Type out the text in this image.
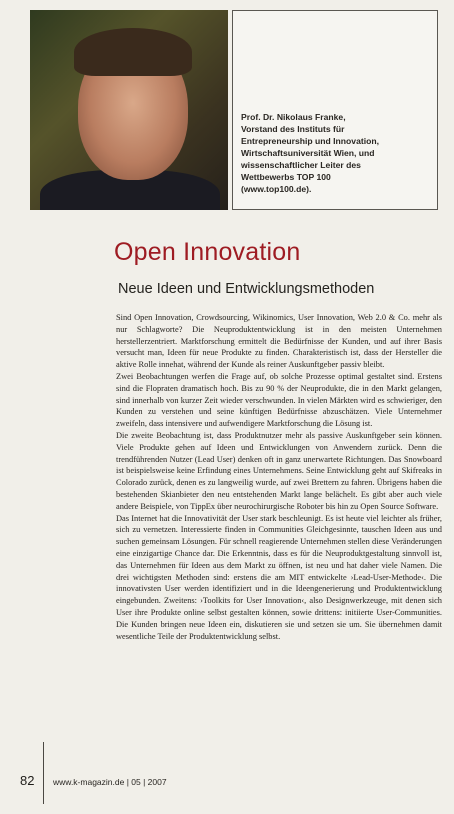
Prof. Dr. Nikolaus Franke,
Vorstand des Instituts für
Entrepreneurship und Innovation,
Wirtschaftsuniversität Wien, und
wissenschaftlicher Leiter des
Wettbewerbs TOP 100
(www.top100.de).
Open Innovation
Neue Ideen und Entwicklungsmethoden

Sind Open Innovation, Crowdsourcing, Wikinomics, User Innovation, Web 2.0 & Co. mehr als nur Schlagworte? Die Neuproduktentwicklung ist in den meisten Unternehmen herstellerzentriert. Marktforschung ermittelt die Bedürfnisse der Kunden, und auf ihrer Basis versucht man, Ideen für neue Produkte zu finden. Charakteristisch ist, dass der Hersteller die aktive Rolle innehat, während der Kunde als reiner Auskunftgeber passiv bleibt.

Zwei Beobachtungen werfen die Frage auf, ob solche Prozesse optimal gestaltet sind. Erstens sind die Flopraten dramatisch hoch. Bis zu 90 % der Neuprodukte, die in den Markt gelangen, sind innerhalb von kurzer Zeit wieder verschwunden. In vielen Märkten wird es schwieriger, den Kunden zu verstehen und seine künftigen Bedürfnisse abzuschätzen. Viele Unternehmer zweifeln, dass intensivere und aufwendigere Marktforschung die Lösung ist.

Die zweite Beobachtung ist, dass Produktnutzer mehr als passive Auskunftgeber sein können. Viele Produkte gehen auf Ideen und Entwicklungen von Anwendern zurück. Denn die trendführenden Nutzer (Lead User) denken oft in ganz unerwartete Richtungen. Das Snowboard ist beispielsweise keine Erfindung eines Unternehmens. Seine Entwicklung geht auf Skifreaks in Colorado zurück, denen es zu langweilig wurde, auf zwei Brettern zu fahren. Übrigens haben die bestehenden Skianbieter den neu entstehenden Markt lange belächelt. Es gibt aber auch viele andere Beispiele, von TippEx über neurochirurgische Roboter bis hin zu Open Source Software.

Das Internet hat die Innovativität der User stark beschleunigt. Es ist heute viel leichter als früher, sich zu vernetzen. Interessierte finden in Communities Gleichgesinnte, tauschen Ideen aus und suchen gemeinsam Lösungen. Für schnell reagierende Unternehmen stellen diese Veränderungen eine einzigartige Chance dar. Die Erkenntnis, dass es für die Neuproduktgestaltung sinnvoll ist, das Unternehmen für Ideen aus dem Markt zu öffnen, ist neu und hat daher viele Namen. Die drei wichtigsten Methoden sind: erstens die am MIT entwickelte ›Lead-User-Methode‹. Die innovativsten User werden identifiziert und in die Ideengenerierung und Produktentwicklung eingebunden. Zweitens: ›Toolkits for User Innovation‹, also Designwerkzeuge, mit denen sich User ihre Produkte online selbst gestalten können, sowie drittens: initiierte User-Communities. Die Kunden bringen neue Ideen ein, diskutieren sie und setzen sie um. Sie übernehmen damit wesentliche Teile der Produktentwicklung selbst.

82 www.k-magazin.de | 05 | 2007
